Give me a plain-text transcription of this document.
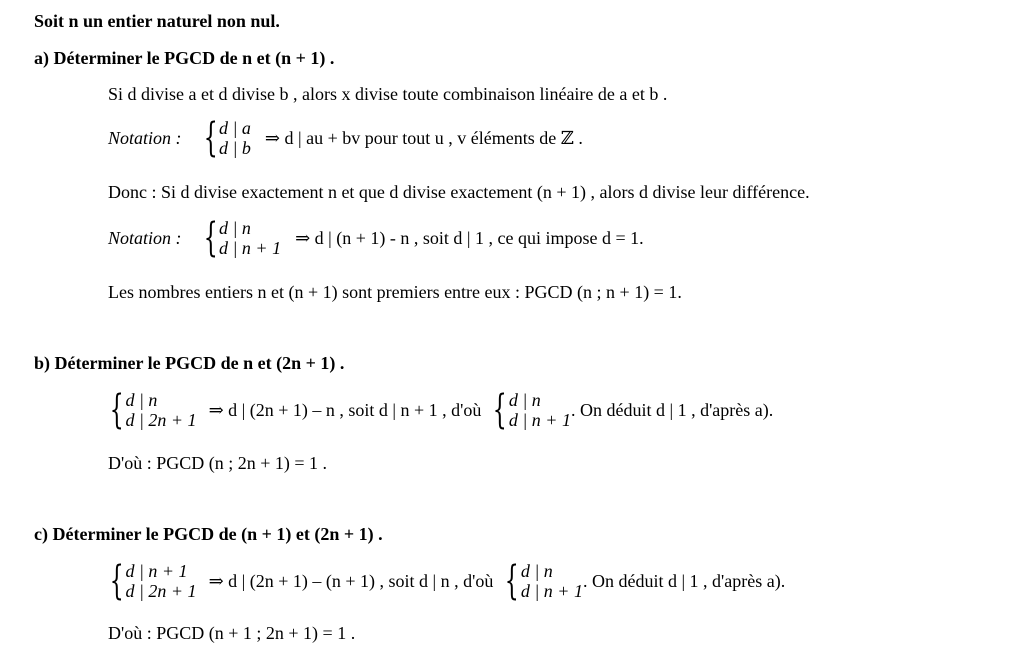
Soit n un entier naturel non nul.
a) Déterminer le PGCD de n et (n + 1) .
Si d divise a et d divise b , alors x divise toute combinaison linéaire de a et b .
Notation : { d | a
d | b
⇒ d | au + bv pour tout u , v éléments de ℤ .
Donc : Si d divise exactement n et que d divise exactement (n + 1) , alors d divise leur différence.
Notation : { d | n
d | n + 1
⇒ d | (n + 1) - n , soit d | 1 , ce qui impose d = 1.
Les nombres entiers n et (n + 1) sont premiers entre eux : PGCD (n ; n + 1) = 1.
b) Déterminer le PGCD de n et (2n + 1) .
{ d | n
d | 2n + 1
⇒ d | (2n + 1) – n , soit d | n + 1 , d'où { d | n
d | n + 1
. On déduit d | 1 , d'après a).
D'où : PGCD (n ; 2n + 1) = 1 .
c) Déterminer le PGCD de (n + 1) et (2n + 1) .
{ d | n + 1
d | 2n + 1
⇒ d | (2n + 1) – (n + 1) , soit d | n , d'où { d | n
d | n + 1
. On déduit d | 1 , d'après a).
D'où : PGCD (n + 1 ; 2n + 1) = 1 .
